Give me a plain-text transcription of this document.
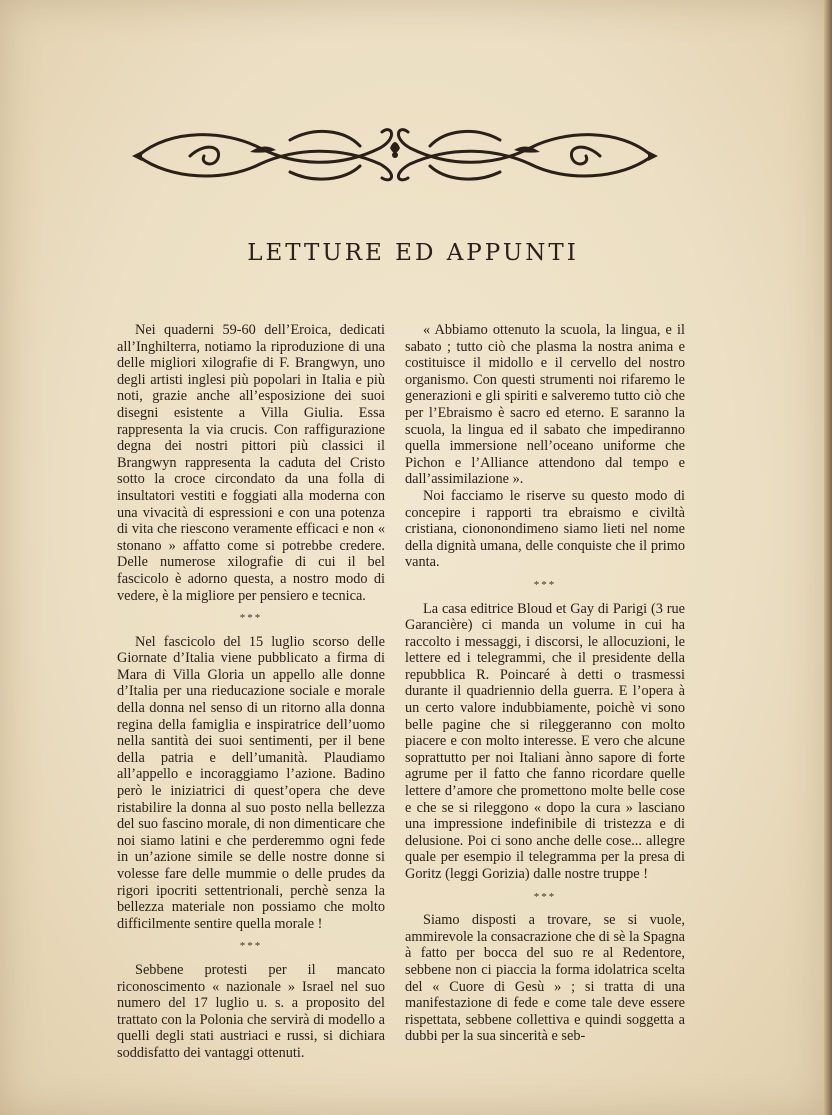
LETTURE ED APPUNTI

Nei quaderni 59-60 dell’Eroica, dedicati all’Inghilterra, notiamo la riproduzione di una delle migliori xilografie di F. Brangwyn, uno degli artisti inglesi più popolari in Italia e più noti, grazie anche all’esposizione dei suoi disegni esistente a Villa Giulia. Essa rappresenta la via crucis. Con raffigurazione degna dei nostri pittori più classici il Brangwyn rappresenta la caduta del Cristo sotto la croce circondato da una folla di insultatori vestiti e foggiati alla moderna con una vivacità di espressioni e con una potenza di vita che riescono veramente efficaci e non « stonano » affatto come si potrebbe credere. Delle numerose xilografie di cui il bel fascicolo è adorno questa, a nostro modo di vedere, è la migliore per pensiero e tecnica.

***

Nel fascicolo del 15 luglio scorso delle Giornate d’Italia viene pubblicato a firma di Mara di Villa Gloria un appello alle donne d’Italia per una rieducazione sociale e morale della donna nel senso di un ritorno alla donna regina della famiglia e inspiratrice dell’uomo nella santità dei suoi sentimenti, per il bene della patria e dell’umanità. Plaudiamo all’appello e incoraggiamo l’azione. Badino però le iniziatrici di quest’opera che deve ristabilire la donna al suo posto nella bellezza del suo fascino morale, di non dimenticare che noi siamo latini e che perderemmo ogni fede in un’azione simile se delle nostre donne si volesse fare delle mummie o delle prudes da rigori ipocriti settentrionali, perchè senza la bellezza materiale non possiamo che molto difficilmente sentire quella morale !

***

Sebbene protesti per il mancato riconoscimento « nazionale » Israel nel suo numero del 17 luglio u. s. a proposito del trattato con la Polonia che servirà di modello a quelli degli stati austriaci e russi, si dichiara soddisfatto dei vantaggi ottenuti.

« Abbiamo ottenuto la scuola, la lingua, e il sabato ; tutto ciò che plasma la nostra anima e costituisce il midollo e il cervello del nostro organismo. Con questi strumenti noi rifaremo le generazioni e gli spiriti e salveremo tutto ciò che per l’Ebraismo è sacro ed eterno. E saranno la scuola, la lingua ed il sabato che impediranno quella immersione nell’oceano uniforme che Pichon e l’Alliance attendono dal tempo e dall’assimilazione ».

Noi facciamo le riserve su questo modo di concepire i rapporti tra ebraismo e civiltà cristiana, ciononondimeno siamo lieti nel nome della dignità umana, delle conquiste che il primo vanta.

***

La casa editrice Bloud et Gay di Parigi (3 rue Garancière) ci manda un volume in cui ha raccolto i messaggi, i discorsi, le allocuzioni, le lettere ed i telegrammi, che il presidente della repubblica R. Poincaré à detti o trasmessi durante il quadriennio della guerra. E l’opera à un certo valore indubbiamente, poichè vi sono belle pagine che si rileggeranno con molto piacere e con molto interesse. E vero che alcune soprattutto per noi Italiani ànno sapore di forte agrume per il fatto che fanno ricordare quelle lettere d’amore che promettono molte belle cose e che se si rileggono « dopo la cura » lasciano una impressione indefinibile di tristezza e di delusione. Poi ci sono anche delle cose... allegre quale per esempio il telegramma per la presa di Goritz (leggi Gorizia) dalle nostre truppe !

***

Siamo disposti a trovare, se si vuole, ammirevole la consacrazione che di sè la Spagna à fatto per bocca del suo re al Redentore, sebbene non ci piaccia la forma idolatrica scelta del « Cuore di Gesù » ; si tratta di una manifestazione di fede e come tale deve essere rispettata, sebbene collettiva e quindi soggetta a dubbi per la sua sincerità e seb-
